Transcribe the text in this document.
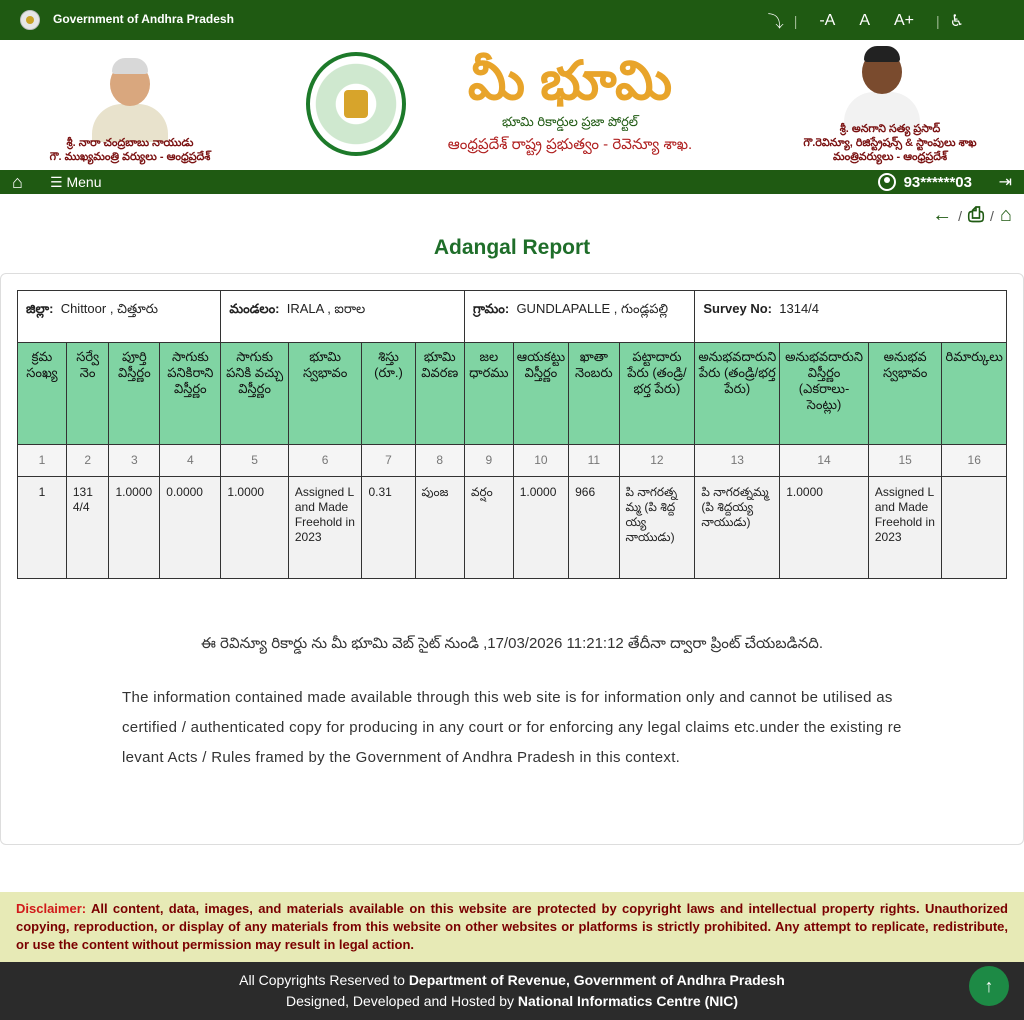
Government of Andhra Pradesh	⤵ | -A A A+ | ♿
శ్రీ. నారా చంద్రబాబు నాయుడు
గౌ. ముఖ్యమంత్రి వర్యులు - ఆంధ్రప్రదేశ్
మీ భూమి
భూమి రికార్డుల ప్రజా పోర్టల్
ఆంధ్రప్రదేశ్ రాష్ట్ర ప్రభుత్వం - రెవెన్యూ శాఖ.
శ్రీ. అనగాని సత్య ప్రసాద్
గౌ.రెవిన్యూ, రిజిస్ట్రేషన్స్ & స్టాంపులు శాఖ
మంత్రివర్యులు - ఆంధ్రప్రదేశ్
⌂ ☰ Menu	93******03 ⇥
← / ⎙ / ⌂
Adangal Report
జిల్లా: Chittoor , చిత్తూరు				మండలం: IRALA , ఐరాల				గ్రామం: GUNDLAPALLE , గుండ్లపల్లి				Survey No: 1314/4			
క్రమ సంఖ్య	సర్వే నెం	పూర్తి విస్తీర్ణం	సాగుకు పనికిరాని విస్తీర్ణం	సాగుకు పనికి వచ్చు విస్తీర్ణం	భూమి స్వభావం	శిస్తు (రూ.)	భూమి వివరణ	జల ధారము	ఆయకట్టు విస్తీర్ణం	ఖాతా నెంబరు	పట్టాదారు పేరు (తండ్రి/భర్త పేరు)	అనుభవదారుని పేరు (తండ్రి/భర్త పేరు)	అనుభవదారుని విస్తీర్ణం (ఎకరాలు-సెంట్లు)	అనుభవ స్వభావం	రిమార్కులు
1	2	3	4	5	6	7	8	9	10	11	12	13	14	15	16
1	1314/4	1.0000	0.0000	1.0000	Assigned Land Made Freehold in 2023	0.31	పుంజ	వర్షం	1.0000	966	పి నాగరత్నమ్మ (పి శిద్దయ్య నాయుడు)	పి నాగరత్నమ్మ (పి శిద్దయ్య నాయుడు)	1.0000	Assigned Land Made Freehold in 2023	
ఈ రెవిన్యూ రికార్డు ను మీ భూమి వెబ్ సైట్ నుండి ,17/03/2026 11:21:12 తేదీనా ద్వారా ప్రింట్ చేయబడినది.
The information contained made available through this web site is for information only and cannot be utilised as certified / authenticated copy for producing in any court or for enforcing any legal claims etc.under the existing relevant Acts / Rules framed by the Government of Andhra Pradesh in this context.
Disclaimer: All content, data, images, and materials available on this website are protected by copyright laws and intellectual property rights. Unauthorized copying, reproduction, or display of any materials from this website on other websites or platforms is strictly prohibited. Any attempt to replicate, redistribute, or use the content without permission may result in legal action.
All Copyrights Reserved to Department of Revenue, Government of Andhra Pradesh
Designed, Developed and Hosted by National Informatics Centre (NIC)
↑
